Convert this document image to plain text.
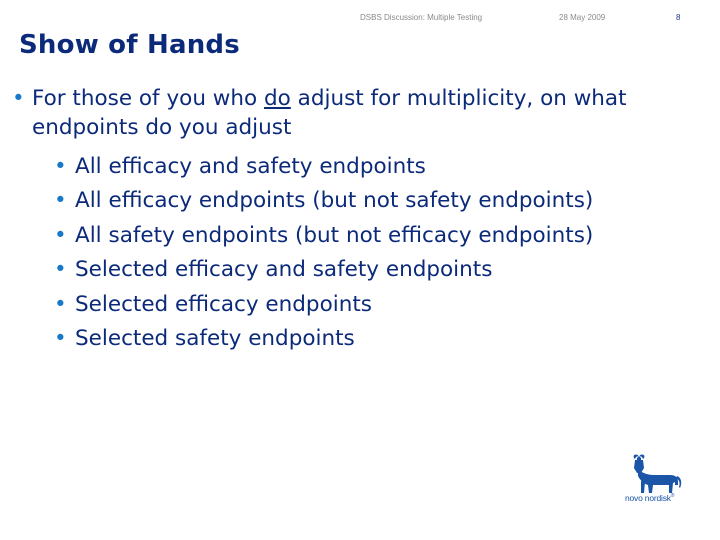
DSBS Discussion: Multiple Testing	28 May 2009	8
Show of Hands
• For those of you who do adjust for multiplicity, on what endpoints do you adjust
• All efficacy and safety endpoints
• All efficacy endpoints (but not safety endpoints)
• All safety endpoints (but not efficacy endpoints)
• Selected efficacy and safety endpoints
• Selected efficacy endpoints
• Selected safety endpoints
novo nordisk®
